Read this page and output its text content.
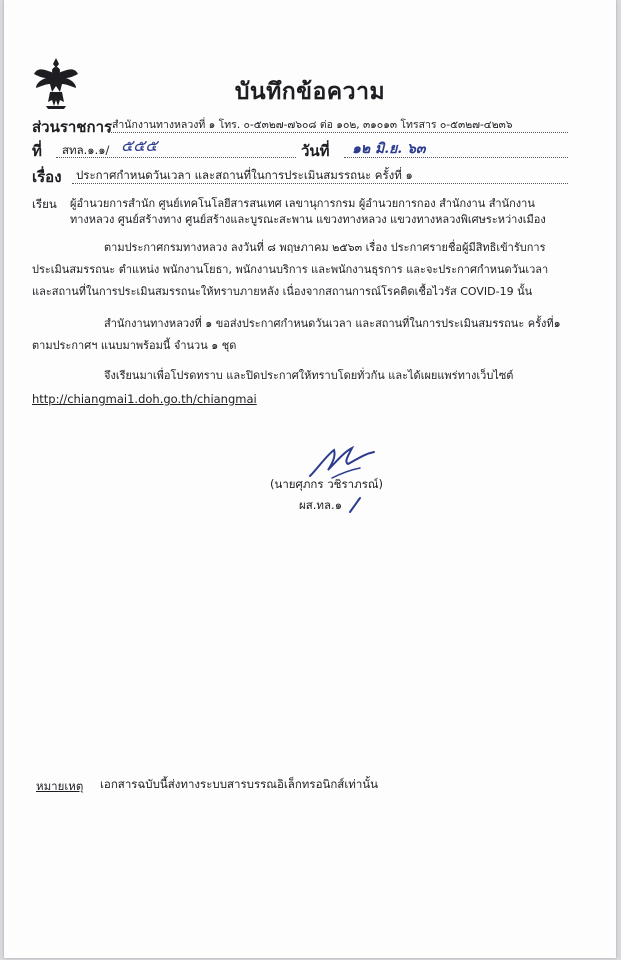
บันทึกข้อความ
ส่วนราชการ สำนักงานทางหลวงที่ ๑ โทร. ๐-๕๓๒๗-๗๖๐๘ ต่อ ๑๐๒, ๓๑๐๑๓ โทรสาร ๐-๕๓๒๗-๔๒๓๖
ที่ สทล.๑.๑/ ๕๕๕	วันที่ ๑๒ มิ.ย. ๖๓
เรื่อง ประกาศกำหนดวันเวลา และสถานที่ในการประเมินสมรรถนะ ครั้งที่ ๑
เรียน ผู้อำนวยการสำนัก ศูนย์เทคโนโลยีสารสนเทศ เลขานุการกรม ผู้อำนวยการกอง สำนักงาน สำนักงาน
ทางหลวง ศูนย์สร้างทาง ศูนย์สร้างและบูรณะสะพาน แขวงทางหลวง แขวงทางหลวงพิเศษระหว่างเมือง
ตามประกาศกรมทางหลวง ลงวันที่ ๘ พฤษภาคม ๒๕๖๓ เรื่อง ประกาศรายชื่อผู้มีสิทธิเข้ารับการ
ประเมินสมรรถนะ ตำแหน่ง พนักงานโยธา, พนักงานบริการ และพนักงานธุรการ และจะประกาศกำหนดวันเวลา
และสถานที่ในการประเมินสมรรถนะให้ทราบภายหลัง เนื่องจากสถานการณ์โรคติดเชื้อไวรัส COVID-19 นั้น
สำนักงานทางหลวงที่ ๑ ขอส่งประกาศกำหนดวันเวลา และสถานที่ในการประเมินสมรรถนะ ครั้งที่๑
ตามประกาศฯ แนบมาพร้อมนี้ จำนวน ๑ ชุด
จึงเรียนมาเพื่อโปรดทราบ และปิดประกาศให้ทราบโดยทั่วกัน และได้เผยแพร่ทางเว็บไซต์
http://chiangmai1.doh.go.th/chiangmai
(นายศุภกร วชิราภรณ์)
ผส.ทล.๑
หมายเหตุ เอกสารฉบับนี้ส่งทางระบบสารบรรณอิเล็กทรอนิกส์เท่านั้น
